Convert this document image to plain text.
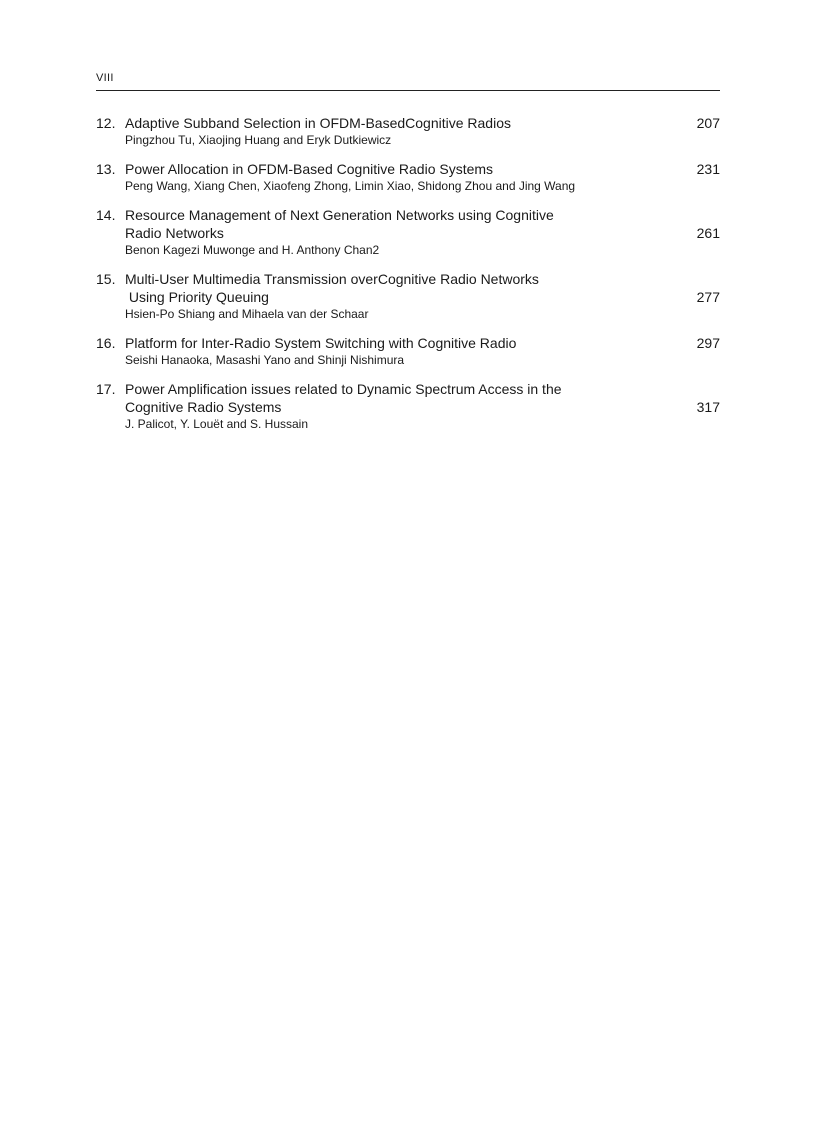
VIII
12. Adaptive Subband Selection in OFDM-BasedCognitive Radios
Pingzhou Tu, Xiaojing Huang and Eryk Dutkiewicz
207
13. Power Allocation in OFDM-Based Cognitive Radio Systems
Peng Wang, Xiang Chen, Xiaofeng Zhong, Limin Xiao, Shidong Zhou and Jing Wang
231
14. Resource Management of Next Generation Networks using Cognitive
Radio Networks
Benon Kagezi Muwonge and H. Anthony Chan2
261
15. Multi-User Multimedia Transmission overCognitive Radio Networks
Using Priority Queuing
Hsien-Po Shiang and Mihaela van der Schaar
277
16. Platform for Inter-Radio System Switching with Cognitive Radio
Seishi Hanaoka, Masashi Yano and Shinji Nishimura
297
17. Power Amplification issues related to Dynamic Spectrum Access in the
Cognitive Radio Systems
J. Palicot, Y. Louët and S. Hussain
317
